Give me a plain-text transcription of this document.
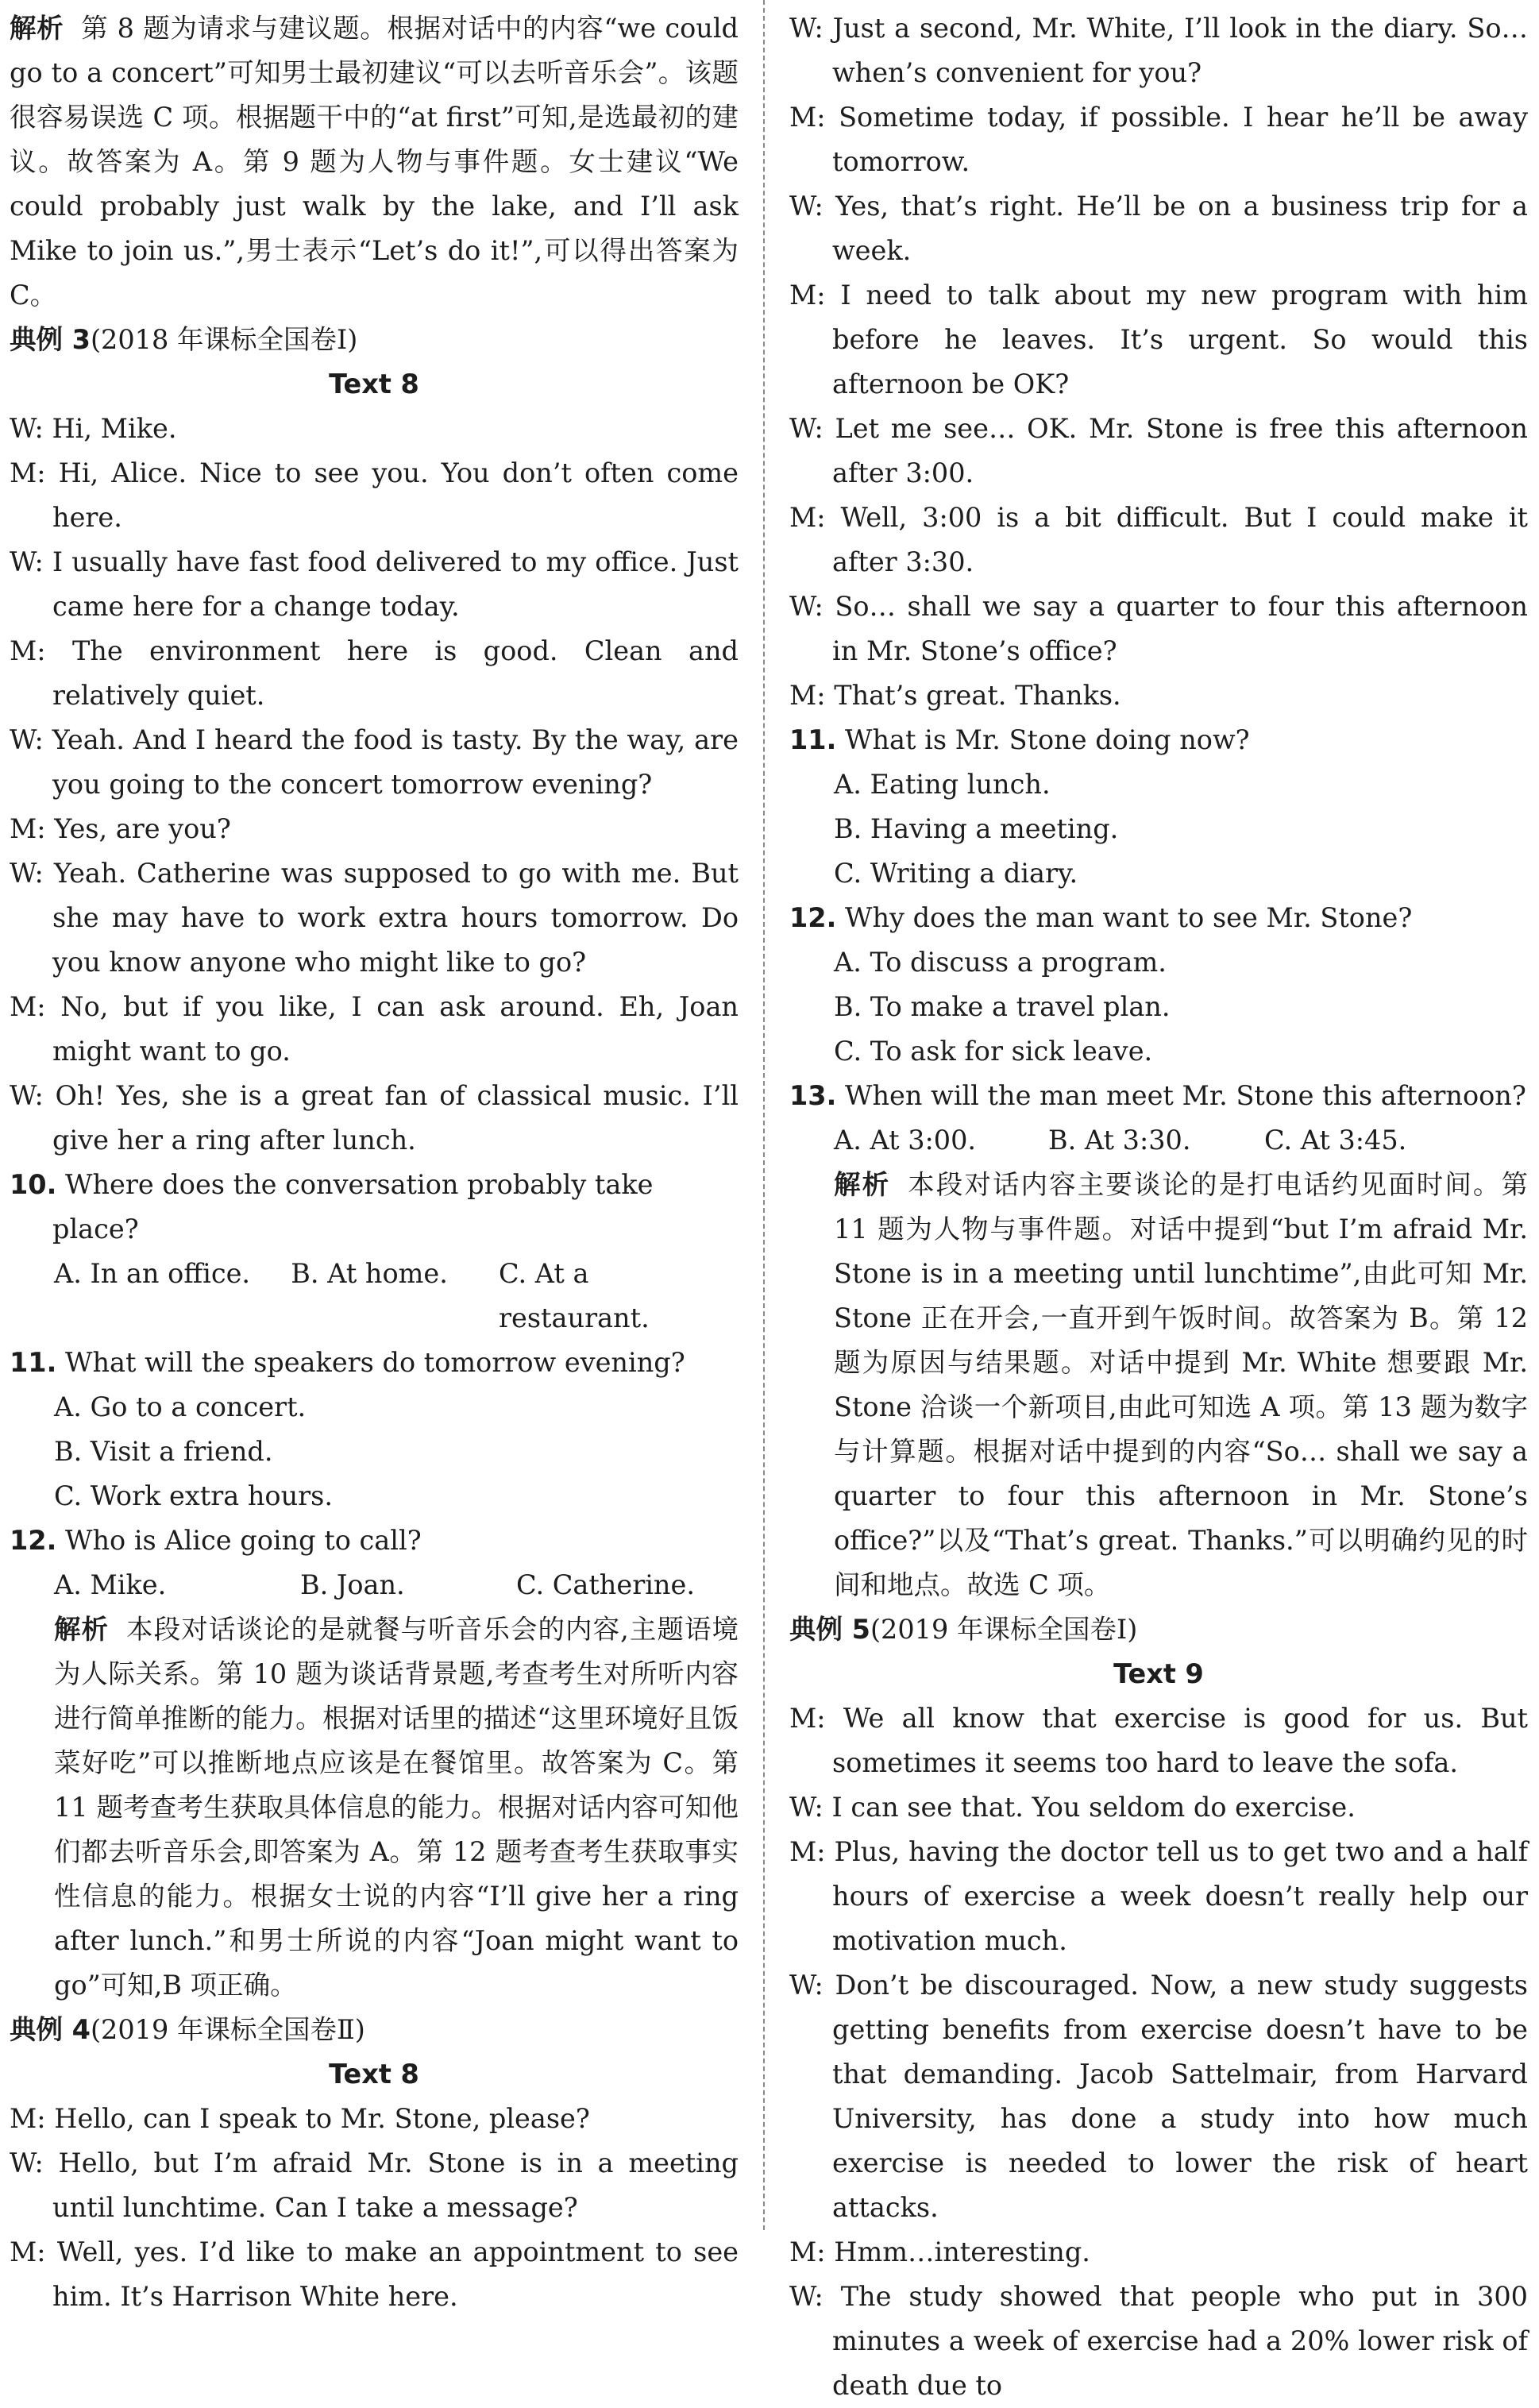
解析 第 8 题为请求与建议题。根据对话中的内容“we could go to a concert”可知男士最初建议“可以去听音乐会”。该题很容易误选 C 项。根据题干中的“at first”可知,是选最初的建议。故答案为 A。第 9 题为人物与事件题。女士建议“We could probably just walk by the lake, and I’ll ask Mike to join us.”,男士表示“Let’s do it!”,可以得出答案为 C。
典例 3(2018 年课标全国卷Ⅰ)
Text 8
W: Hi, Mike.
M: Hi, Alice. Nice to see you. You don’t often come here.
W: I usually have fast food delivered to my office. Just came here for a change today.
M: The environment here is good. Clean and relatively quiet.
W: Yeah. And I heard the food is tasty. By the way, are you going to the concert tomorrow evening?
M: Yes, are you?
W: Yeah. Catherine was supposed to go with me. But she may have to work extra hours tomorrow. Do you know anyone who might like to go?
M: No, but if you like, I can ask around. Eh, Joan might want to go.
W: Oh! Yes, she is a great fan of classical music. I’ll give her a ring after lunch.
10. Where does the conversation probably take place?
A. In an office.	B. At home.	C. At a restaurant.
11. What will the speakers do tomorrow evening?
A. Go to a concert.
B. Visit a friend.
C. Work extra hours.
12. Who is Alice going to call?
A. Mike.	B. Joan.	C. Catherine.
解析 本段对话谈论的是就餐与听音乐会的内容,主题语境为人际关系。第 10 题为谈话背景题,考查考生对所听内容进行简单推断的能力。根据对话里的描述“这里环境好且饭菜好吃”可以推断地点应该是在餐馆里。故答案为 C。第 11 题考查考生获取具体信息的能力。根据对话内容可知他们都去听音乐会,即答案为 A。第 12 题考查考生获取事实性信息的能力。根据女士说的内容“I’ll give her a ring after lunch.”和男士所说的内容“Joan might want to go”可知,B 项正确。
典例 4(2019 年课标全国卷Ⅱ)
Text 8
M: Hello, can I speak to Mr. Stone, please?
W: Hello, but I’m afraid Mr. Stone is in a meeting until lunchtime. Can I take a message?
M: Well, yes. I’d like to make an appointment to see him. It’s Harrison White here.
W: Just a second, Mr. White, I’ll look in the diary. So… when’s convenient for you?
M: Sometime today, if possible. I hear he’ll be away tomorrow.
W: Yes, that’s right. He’ll be on a business trip for a week.
M: I need to talk about my new program with him before he leaves. It’s urgent. So would this afternoon be OK?
W: Let me see… OK. Mr. Stone is free this afternoon after 3:00.
M: Well, 3:00 is a bit difficult. But I could make it after 3:30.
W: So… shall we say a quarter to four this afternoon in Mr. Stone’s office?
M: That’s great. Thanks.
11. What is Mr. Stone doing now?
A. Eating lunch.
B. Having a meeting.
C. Writing a diary.
12. Why does the man want to see Mr. Stone?
A. To discuss a program.
B. To make a travel plan.
C. To ask for sick leave.
13. When will the man meet Mr. Stone this afternoon?
A. At 3:00.	B. At 3:30.	C. At 3:45.
解析 本段对话内容主要谈论的是打电话约见面时间。第 11 题为人物与事件题。对话中提到“but I’m afraid Mr. Stone is in a meeting until lunchtime”,由此可知 Mr. Stone 正在开会,一直开到午饭时间。故答案为 B。第 12 题为原因与结果题。对话中提到 Mr. White 想要跟 Mr. Stone 洽谈一个新项目,由此可知选 A 项。第 13 题为数字与计算题。根据对话中提到的内容“So… shall we say a quarter to four this afternoon in Mr. Stone’s office?”以及“That’s great. Thanks.”可以明确约见的时间和地点。故选 C 项。
典例 5(2019 年课标全国卷Ⅰ)
Text 9
M: We all know that exercise is good for us. But sometimes it seems too hard to leave the sofa.
W: I can see that. You seldom do exercise.
M: Plus, having the doctor tell us to get two and a half hours of exercise a week doesn’t really help our motivation much.
W: Don’t be discouraged. Now, a new study suggests getting benefits from exercise doesn’t have to be that demanding. Jacob Sattelmair, from Harvard University, has done a study into how much exercise is needed to lower the risk of heart attacks.
M: Hmm…interesting.
W: The study showed that people who put in 300 minutes a week of exercise had a 20% lower risk of death due to
